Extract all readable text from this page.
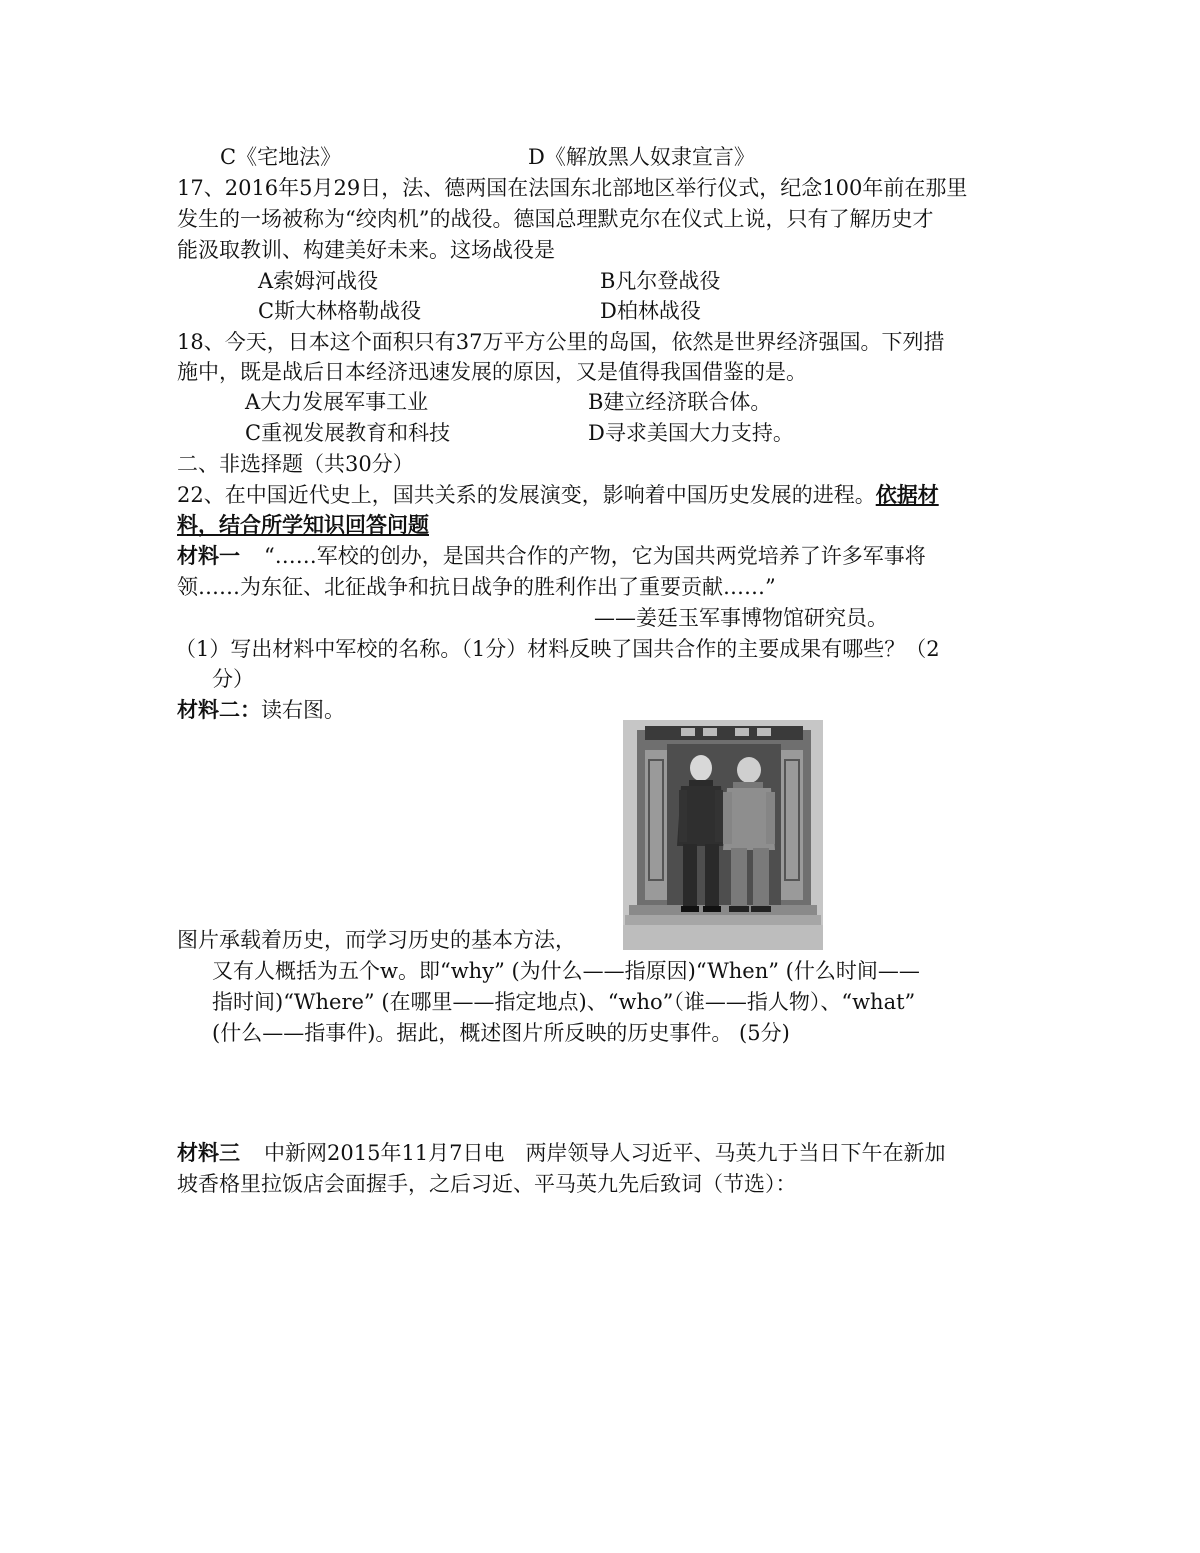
C《宅地法》	D《解放黑人奴隶宣言》
17、2016年5月29日，法、德两国在法国东北部地区举行仪式，纪念100年前在那里
发生的一场被称为“绞肉机”的战役。德国总理默克尔在仪式上说，只有了解历史才
能汲取教训、构建美好未来。这场战役是
A索姆河战役	B凡尔登战役
C斯大林格勒战役	D柏林战役
18、今天，日本这个面积只有37万平方公里的岛国，依然是世界经济强国。下列措
施中，既是战后日本经济迅速发展的原因，又是值得我国借鉴的是。
A大力发展军事工业	B建立经济联合体。
C重视发展教育和科技	D寻求美国大力支持。
二、非选择题（共30分）
22、在中国近代史上，国共关系的发展演变，影响着中国历史发展的进程。依据材
料，结合所学知识回答问题
材料一 “……军校的创办，是国共合作的产物，它为国共两党培养了许多军事将
领……为东征、北征战争和抗日战争的胜利作出了重要贡献……”
——姜廷玉军事博物馆研究员。
（1）写出材料中军校的名称。（1分）材料反映了国共合作的主要成果有哪些？（2
分）
材料二：读右图。
图片承载着历史，而学习历史的基本方法，
又有人概括为五个w。即“why” (为什么——指原因)“When” (什么时间——
指时间)“Where” (在哪里——指定地点)、“who”（谁——指人物）、“what”
(什么——指事件)。据此，概述图片所反映的历史事件。 (5分)
材料三 中新网2015年11月7日电　两岸领导人习近平、马英九于当日下午在新加
坡香格里拉饭店会面握手，之后习近、平马英九先后致词（节选）：
